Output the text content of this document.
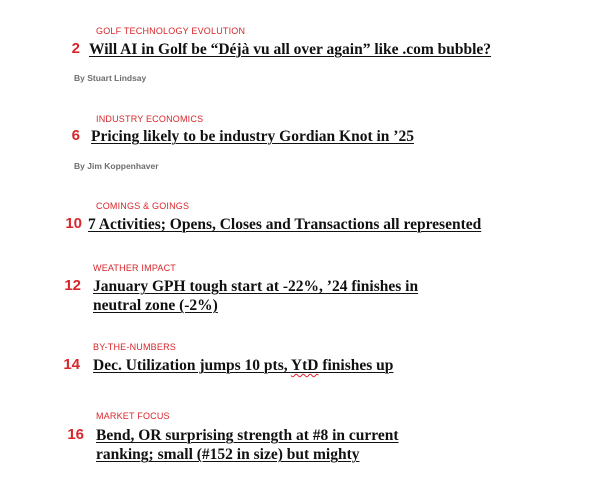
GOLF TECHNOLOGY EVOLUTION
2 Will AI in Golf be “Déjà vu all over again” like .com bubble?
By Stuart Lindsay
INDUSTRY ECONOMICS
6 Pricing likely to be industry Gordian Knot in ’25
By Jim Koppenhaver
COMINGS & GOINGS
10 7 Activities; Opens, Closes and Transactions all represented
WEATHER IMPACT
12 January GPH tough start at -22%, ’24 finishes in
neutral zone (-2%)
BY-THE-NUMBERS
14 Dec. Utilization jumps 10 pts, YtD finishes up
MARKET FOCUS
16 Bend, OR surprising strength at #8 in current
ranking; small (#152 in size) but mighty
